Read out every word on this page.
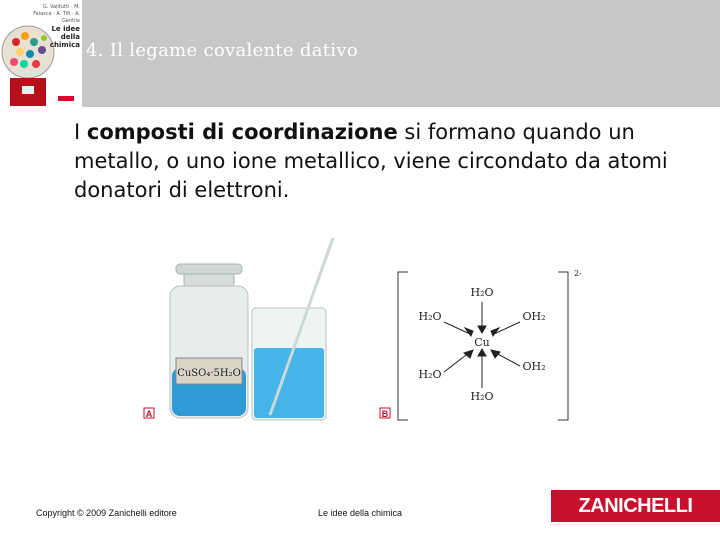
G. Valitutti · M. Falasca · A. Tifi · A. Gentile
Le idee della chimica 4. Il legame covalente dativo
I composti di coordinazione si formano quando un metallo, o uno ione metallico, viene circondato da atomi donatori di elettroni.
CuSO₄·5H₂O
A	B
2-
Cu
H₂O
H₂O	OH₂
H₂O
OH₂
H₂O
Copyright © 2009 Zanichelli editore	Le idee della chimica	ZANICHELLI
